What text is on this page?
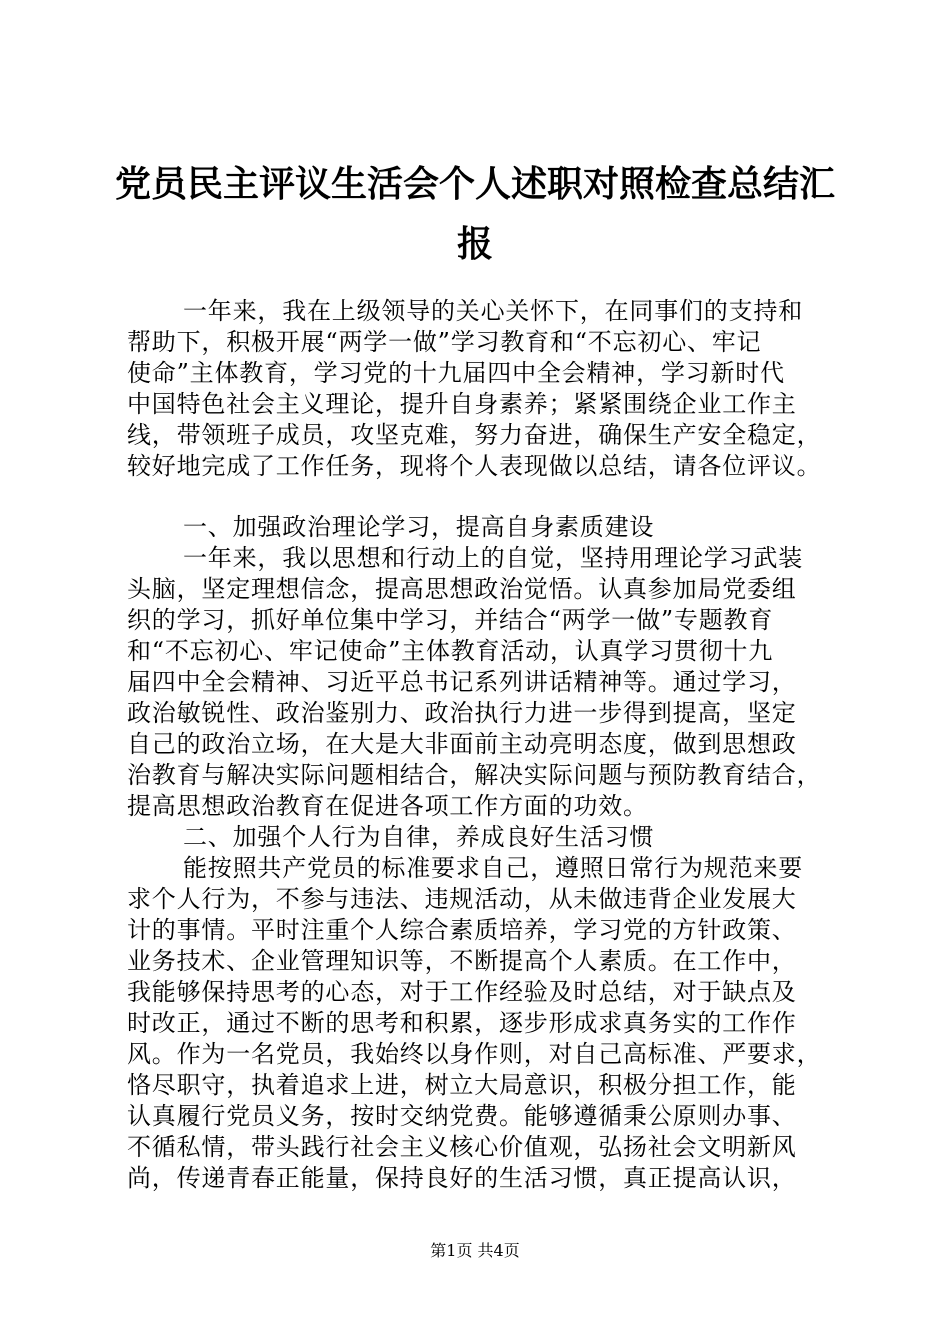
党员民主评议生活会个人述职对照检查总结汇
报
一年来，我在上级领导的关心关怀下，在同事们的支持和
帮助下，积极开展“两学一做”学习教育和“不忘初心、牢记
使命”主体教育，学习党的十九届四中全会精神，学习新时代
中国特色社会主义理论，提升自身素养；紧紧围绕企业工作主
线，带领班子成员，攻坚克难，努力奋进，确保生产安全稳定，
较好地完成了工作任务，现将个人表现做以总结，请各位评议。
一、加强政治理论学习，提高自身素质建设
一年来，我以思想和行动上的自觉，坚持用理论学习武装
头脑，坚定理想信念，提高思想政治觉悟。认真参加局党委组
织的学习，抓好单位集中学习，并结合“两学一做”专题教育
和“不忘初心、牢记使命”主体教育活动，认真学习贯彻十九
届四中全会精神、习近平总书记系列讲话精神等。通过学习，
政治敏锐性、政治鉴别力、政治执行力进一步得到提高，坚定
自己的政治立场，在大是大非面前主动亮明态度，做到思想政
治教育与解决实际问题相结合，解决实际问题与预防教育结合，
提高思想政治教育在促进各项工作方面的功效。
二、加强个人行为自律，养成良好生活习惯
能按照共产党员的标准要求自己，遵照日常行为规范来要
求个人行为，不参与违法、违规活动，从未做违背企业发展大
计的事情。平时注重个人综合素质培养，学习党的方针政策、
业务技术、企业管理知识等，不断提高个人素质。在工作中，
我能够保持思考的心态，对于工作经验及时总结，对于缺点及
时改正，通过不断的思考和积累，逐步形成求真务实的工作作
风。作为一名党员，我始终以身作则，对自己高标准、严要求，
恪尽职守，执着追求上进，树立大局意识，积极分担工作，能
认真履行党员义务，按时交纳党费。能够遵循秉公原则办事、
不循私情，带头践行社会主义核心价值观，弘扬社会文明新风
尚，传递青春正能量，保持良好的生活习惯，真正提高认识，
第1页 共4页
